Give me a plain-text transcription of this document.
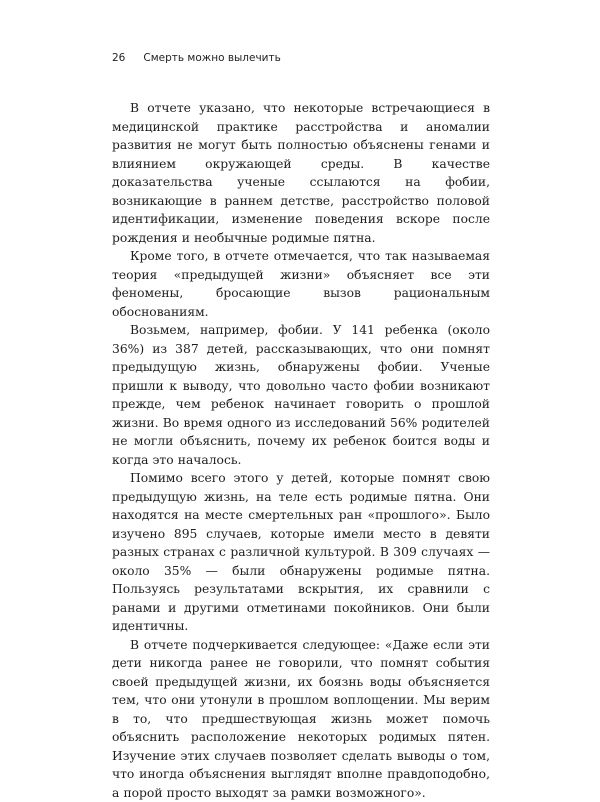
26 Смерть можно вылечить

В отчете указано, что некоторые встречающиеся в медицинской практике расстройства и аномалии развития не могут быть полностью объяснены генами и влиянием окружающей среды. В качестве доказательства ученые ссылаются на фобии, возникающие в раннем детстве, расстройство половой идентификации, изменение поведения вскоре после рождения и необычные родимые пятна.

Кроме того, в отчете отмечается, что так называемая теория «предыдущей жизни» объясняет все эти феномены, бросающие вызов рациональным обоснованиям.

Возьмем, например, фобии. У 141 ребенка (около 36%) из 387 детей, рассказывающих, что они помнят предыдущую жизнь, обнаружены фобии. Ученые пришли к выводу, что довольно часто фобии возникают прежде, чем ребенок начинает говорить о прошлой жизни. Во время одного из исследований 56% родителей не могли объяснить, почему их ребенок боится воды и когда это началось.

Помимо всего этого у детей, которые помнят свою предыдущую жизнь, на теле есть родимые пятна. Они находятся на месте смертельных ран «прошлого». Было изучено 895 случаев, которые имели место в девяти разных странах с различной культурой. В 309 случаях — около 35% — были обнаружены родимые пятна. Пользуясь результатами вскрытия, их сравнили с ранами и другими отметинами покойников. Они были идентичны.

В отчете подчеркивается следующее: «Даже если эти дети никогда ранее не говорили, что помнят события своей предыдущей жизни, их боязнь воды объясняется тем, что они утонули в прошлом воплощении. Мы верим в то, что предшествующая жизнь может помочь объяснить расположение некоторых родимых пятен. Изучение этих случаев позволяет сделать выводы о том, что иногда объяснения выглядят вполне правдоподобно, а порой просто выходят за рамки возможного».
